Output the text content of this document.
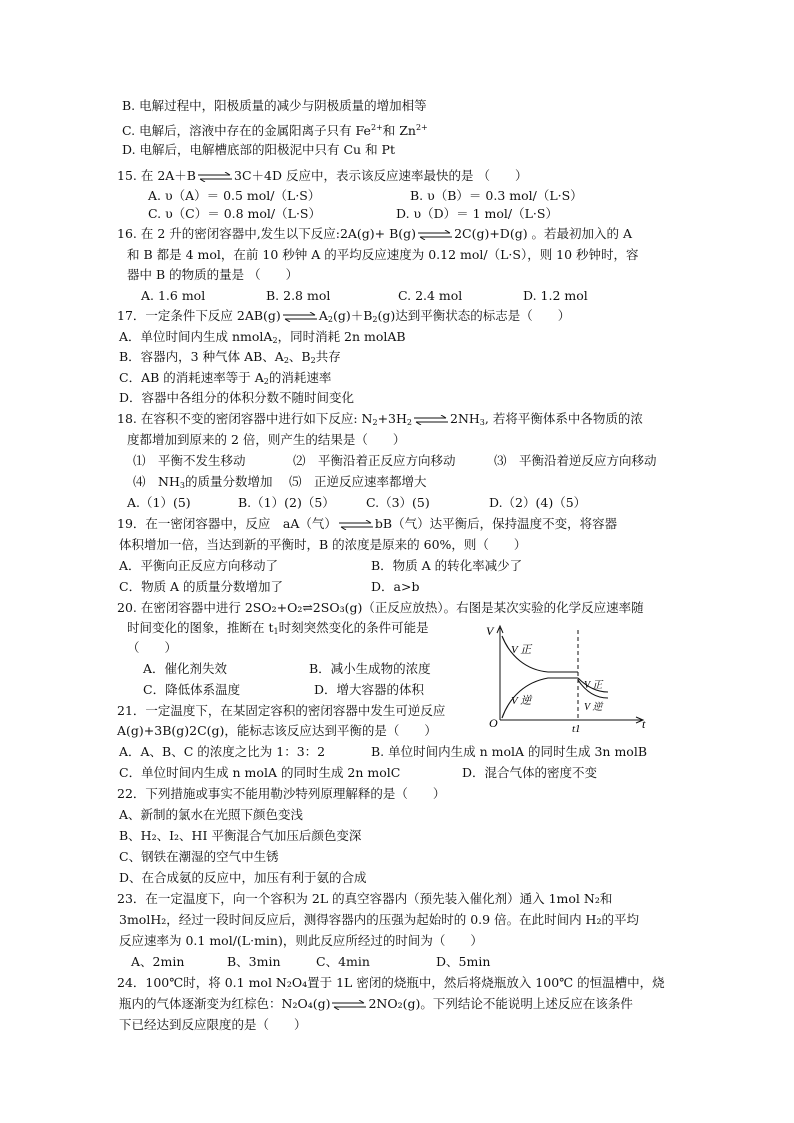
B. 电解过程中，阳极质量的减少与阴极质量的增加相等
C. 电解后，溶液中存在的金属阳离子只有 $Fe^{2+}$和 $Zn^{2+}$
D. 电解后，电解槽底部的阳极泥中只有 Cu 和 Pt
15. 在 2A＋B ⇌ 3C＋4D 反应中，表示该反应速率最快的是 （　　）
A. υ（A）＝ 0.5 mol/（L·S）	B. υ（B）＝ 0.3 mol/（L·S）
C. υ（C）＝ 0.8 mol/（L·S）	D. υ（D）＝ 1 mol/（L·S）
16. 在 2 升的密闭容器中,发生以下反应:2A(g)+ B(g) ⇌ 2C(g)+D(g) 。若最初加入的 A
和 B 都是 4 mol，在前 10 秒钟 A 的平均反应速度为 0.12 mol/（L·S），则 10 秒钟时，容
器中 B 的物质的量是 （　　）
A. 1.6 mol	B. 2.8 mol	C. 2.4 mol	D. 1.2 mol
17．一定条件下反应 2AB(g) ⇌ $A_2(g)+B_2(g)$达到平衡状态的标志是（　　）
A．单位时间内生成 nmolA$_2$，同时消耗 2n molAB
B．容器内，3 种气体 AB、$A_2$、$B_2$共存
C．AB 的消耗速率等于 $A_2$的消耗速率
D．容器中各组分的体积分数不随时间变化
18. 在容积不变的密闭容器中进行如下反应: $N_2+3H_2$ ⇌ $2NH_3$, 若将平衡体系中各物质的浓
度都增加到原来的 2 倍，则产生的结果是（　　）
⑴　平衡不发生移动	⑵　平衡沿着正反应方向移动	⑶　平衡沿着逆反应方向移动
⑷　$NH_3$的质量分数增加 ⑸　正逆反应速率都增大
A.（1）(5)	B.（1）(2)（5） C.（3）(5)	D.（2）(4)（5）
19．在一密闭容器中，反应　aA（气） ⇌ bB（气）达平衡后，保持温度不变，将容器
体积增加一倍，当达到新的平衡时，B 的浓度是原来的 60%，则（　　）
A．平衡向正反应方向移动了	B．物质 A 的转化率减少了
C．物质 A 的质量分数增加了	D．a>b
20. 在密闭容器中进行 2SO₂+O₂⇌2SO₃(g)（正反应放热）。右图是某次实验的化学反应速率随
时间变化的图象，推断在 $t_1$时刻突然变化的条件可能是
（　　）
A．催化剂失效	B．减小生成物的浓度
C．降低体系温度	D．增大容器的体积
V
V 正
V 逆
V 正
V 逆
O	t1	t
21．一定温度下，在某固定容积的密闭容器中发生可逆反应
A(g)+3B(g)2C(g)，能标志该反应达到平衡的是（　　）
A．A、B、C 的浓度之比为 1：3：2	B. 单位时间内生成 n molA 的同时生成 3n molB
C．单位时间内生成 n molA 的同时生成 2n molC	D．混合气体的密度不变
22．下列措施或事实不能用勒沙特列原理解释的是（　　）
A、新制的氯水在光照下颜色变浅
B、H₂、I₂、HI 平衡混合气加压后颜色变深
C、钢铁在潮湿的空气中生锈
D、在合成氨的反应中，加压有利于氨的合成
23．在一定温度下，向一个容积为 2L 的真空容器内（预先装入催化剂）通入 1mol N₂和
3molH₂，经过一段时间反应后，测得容器内的压强为起始时的 0.9 倍。在此时间内 H₂的平均
反应速率为 0.1 mol/(L·min)，则此反应所经过的时间为（　　）
A、2min	B、3min	C、4min	D、5min
24．100℃时，将 0.1 mol N₂O₄置于 1L 密闭的烧瓶中，然后将烧瓶放入 100℃ 的恒温槽中，烧
瓶内的气体逐渐变为红棕色：N₂O₄(g) ⇌ 2NO₂(g)。下列结论不能说明上述反应在该条件
下已经达到反应限度的是（　　）
